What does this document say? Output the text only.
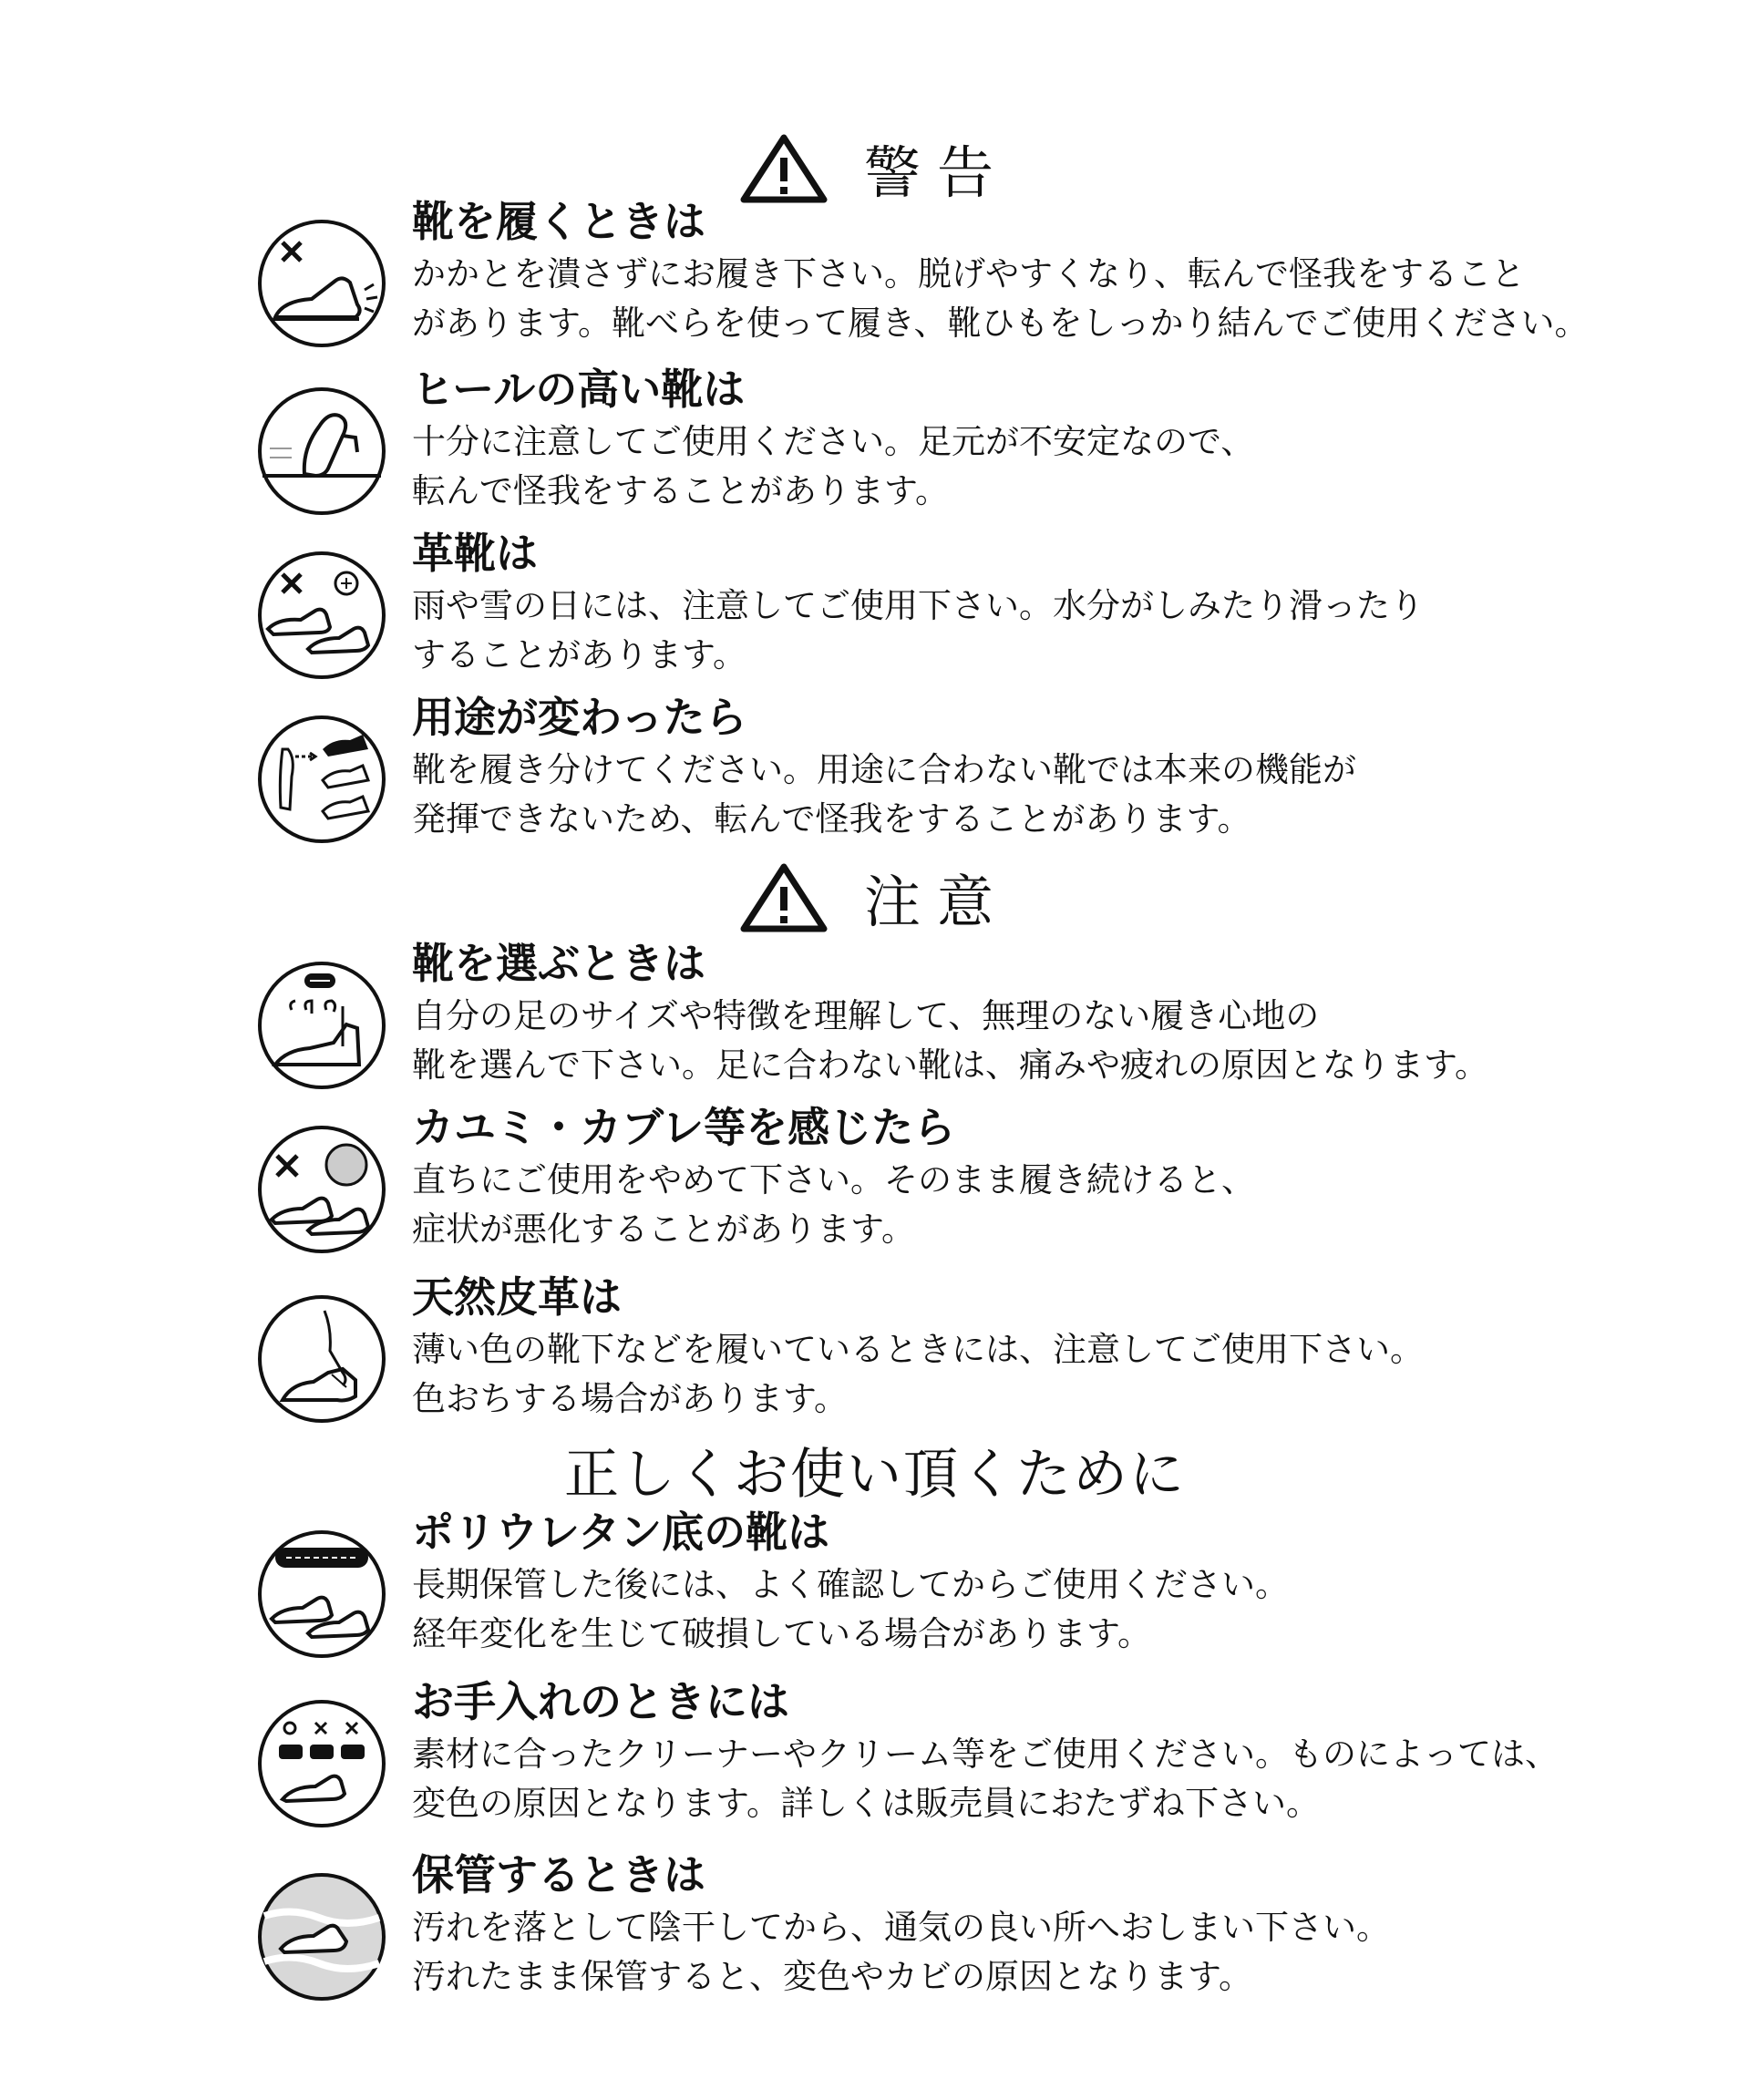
警告
靴を履くときは
かかとを潰さずにお履き下さい。脱げやすくなり、転んで怪我をすること
があります。靴べらを使って履き、靴ひもをしっかり結んでご使用ください。
ヒールの高い靴は
十分に注意してご使用ください。足元が不安定なので、
転んで怪我をすることがあります。
革靴は
雨や雪の日には、注意してご使用下さい。水分がしみたり滑ったり
することがあります。
用途が変わったら
靴を履き分けてください。用途に合わない靴では本来の機能が
発揮できないため、転んで怪我をすることがあります。
注意
靴を選ぶときは
自分の足のサイズや特徴を理解して、無理のない履き心地の
靴を選んで下さい。足に合わない靴は、痛みや疲れの原因となります。
カユミ・カブレ等を感じたら
直ちにご使用をやめて下さい。そのまま履き続けると、
症状が悪化することがあります。
天然皮革は
薄い色の靴下などを履いているときには、注意してご使用下さい。
色おちする場合があります。
正しくお使い頂くために
ポリウレタン底の靴は
長期保管した後には、よく確認してからご使用ください。
経年変化を生じて破損している場合があります。
お手入れのときには
素材に合ったクリーナーやクリーム等をご使用ください。ものによっては、
変色の原因となります。詳しくは販売員におたずね下さい。
保管するときは
汚れを落として陰干してから、通気の良い所へおしまい下さい。
汚れたまま保管すると、変色やカビの原因となります。
